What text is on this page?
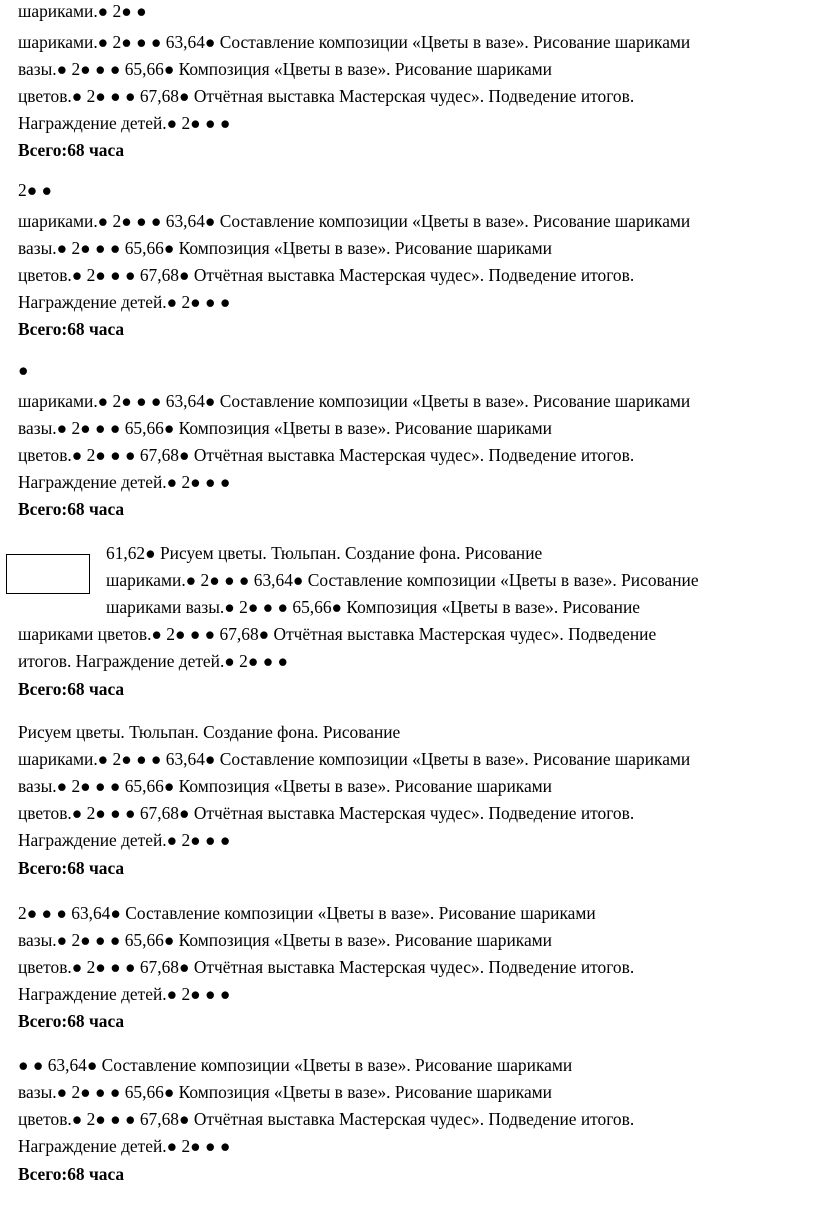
шариками.● 2● ●
шариками.● 2● ● ● 63,64● Составление композиции «Цветы в вазе». Рисование шариками
вазы.● 2● ● ● 65,66● Композиция «Цветы в вазе». Рисование шариками
цветов.● 2● ● ● 67,68● Отчётная выставка Мастерская чудес». Подведение итогов.
Награждение детей.● 2● ● ●
Всего:68 часа
2● ●
шариками.● 2● ● ● 63,64● Составление композиции «Цветы в вазе». Рисование шариками
вазы.● 2● ● ● 65,66● Композиция «Цветы в вазе». Рисование шариками
цветов.● 2● ● ● 67,68● Отчётная выставка Мастерская чудес». Подведение итогов.
Награждение детей.● 2● ● ●
Всего:68 часа
●
шариками.● 2● ● ● 63,64● Составление композиции «Цветы в вазе». Рисование шариками
вазы.● 2● ● ● 65,66● Композиция «Цветы в вазе». Рисование шариками
цветов.● 2● ● ● 67,68● Отчётная выставка Мастерская чудес». Подведение итогов.
Награждение детей.● 2● ● ●
Всего:68 часа
61,62● Рисуем цветы. Тюльпан. Создание фона. Рисование
шариками.● 2● ● ● 63,64● Составление композиции «Цветы в вазе». Рисование
шариками вазы.● 2● ● ● 65,66● Композиция «Цветы в вазе». Рисование
шариками цветов.● 2● ● ● 67,68● Отчётная выставка Мастерская чудес». Подведение
итогов. Награждение детей.● 2● ● ●
Всего:68 часа
Рисуем цветы. Тюльпан. Создание фона. Рисование
шариками.● 2● ● ● 63,64● Составление композиции «Цветы в вазе». Рисование шариками
вазы.● 2● ● ● 65,66● Композиция «Цветы в вазе». Рисование шариками
цветов.● 2● ● ● 67,68● Отчётная выставка Мастерская чудес». Подведение итогов.
Награждение детей.● 2● ● ●
Всего:68 часа
2● ● ● 63,64● Составление композиции «Цветы в вазе». Рисование шариками
вазы.● 2● ● ● 65,66● Композиция «Цветы в вазе». Рисование шариками
цветов.● 2● ● ● 67,68● Отчётная выставка Мастерская чудес». Подведение итогов.
Награждение детей.● 2● ● ●
Всего:68 часа
● ● 63,64● Составление композиции «Цветы в вазе». Рисование шариками
вазы.● 2● ● ● 65,66● Композиция «Цветы в вазе». Рисование шариками
цветов.● 2● ● ● 67,68● Отчётная выставка Мастерская чудес». Подведение итогов.
Награждение детей.● 2● ● ●
Всего:68 часа
